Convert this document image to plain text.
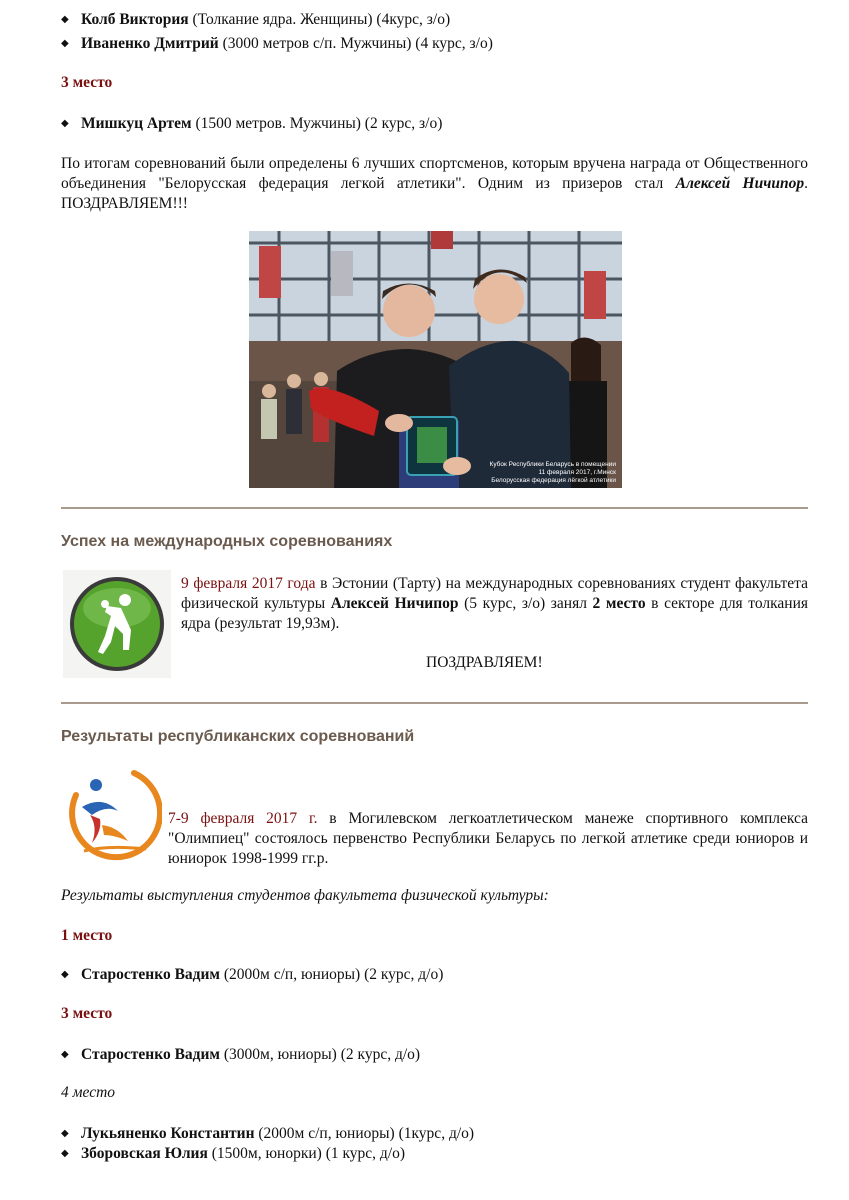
◆ Колб Виктория (Толкание ядра. Женщины) (4курс, з/о)
◆ Иваненко Дмитрий (3000 метров с/п. Мужчины) (4 курс, з/о)
3 место
◆ Мишкуц Артем (1500 метров. Мужчины) (2 курс, з/о)
По итогам соревнований были определены 6 лучших спортсменов, которым вручена награда от Общественного объединения "Белорусская федерация легкой атлетики". Одним из призеров стал Алексей Ничипор. ПОЗДРАВЛЯЕМ!!!
Кубок Республики Беларусь в помещении
11 февраля 2017, г.Минск
Белорусская федерация лёгкой атлетики
Успех на международных соревнованиях
9 февраля 2017 года в Эстонии (Тарту) на международных соревнованиях студент факультета физической культуры Алексей Ничипор (5 курс, з/о) занял 2 место в секторе для толкания ядра (результат 19,93м).
ПОЗДРАВЛЯЕМ!
Результаты республиканских соревнований
7-9 февраля 2017 г. в Могилевском легкоатлетическом манеже спортивного комплекса "Олимпиец" состоялось первенство Республики Беларусь по легкой атлетике среди юниоров и юниорок 1998-1999 гг.р.
Результаты выступления студентов факультета физической культуры:
1 место
◆ Старостенко Вадим (2000м с/п, юниоры) (2 курс, д/о)
3 место
◆ Старостенко Вадим (3000м, юниоры) (2 курс, д/о)
4 место
◆ Лукьяненко Константин (2000м с/п, юниоры) (1курс, д/о)
◆ Зборовская Юлия (1500м, юнорки) (1 курс, д/о)
